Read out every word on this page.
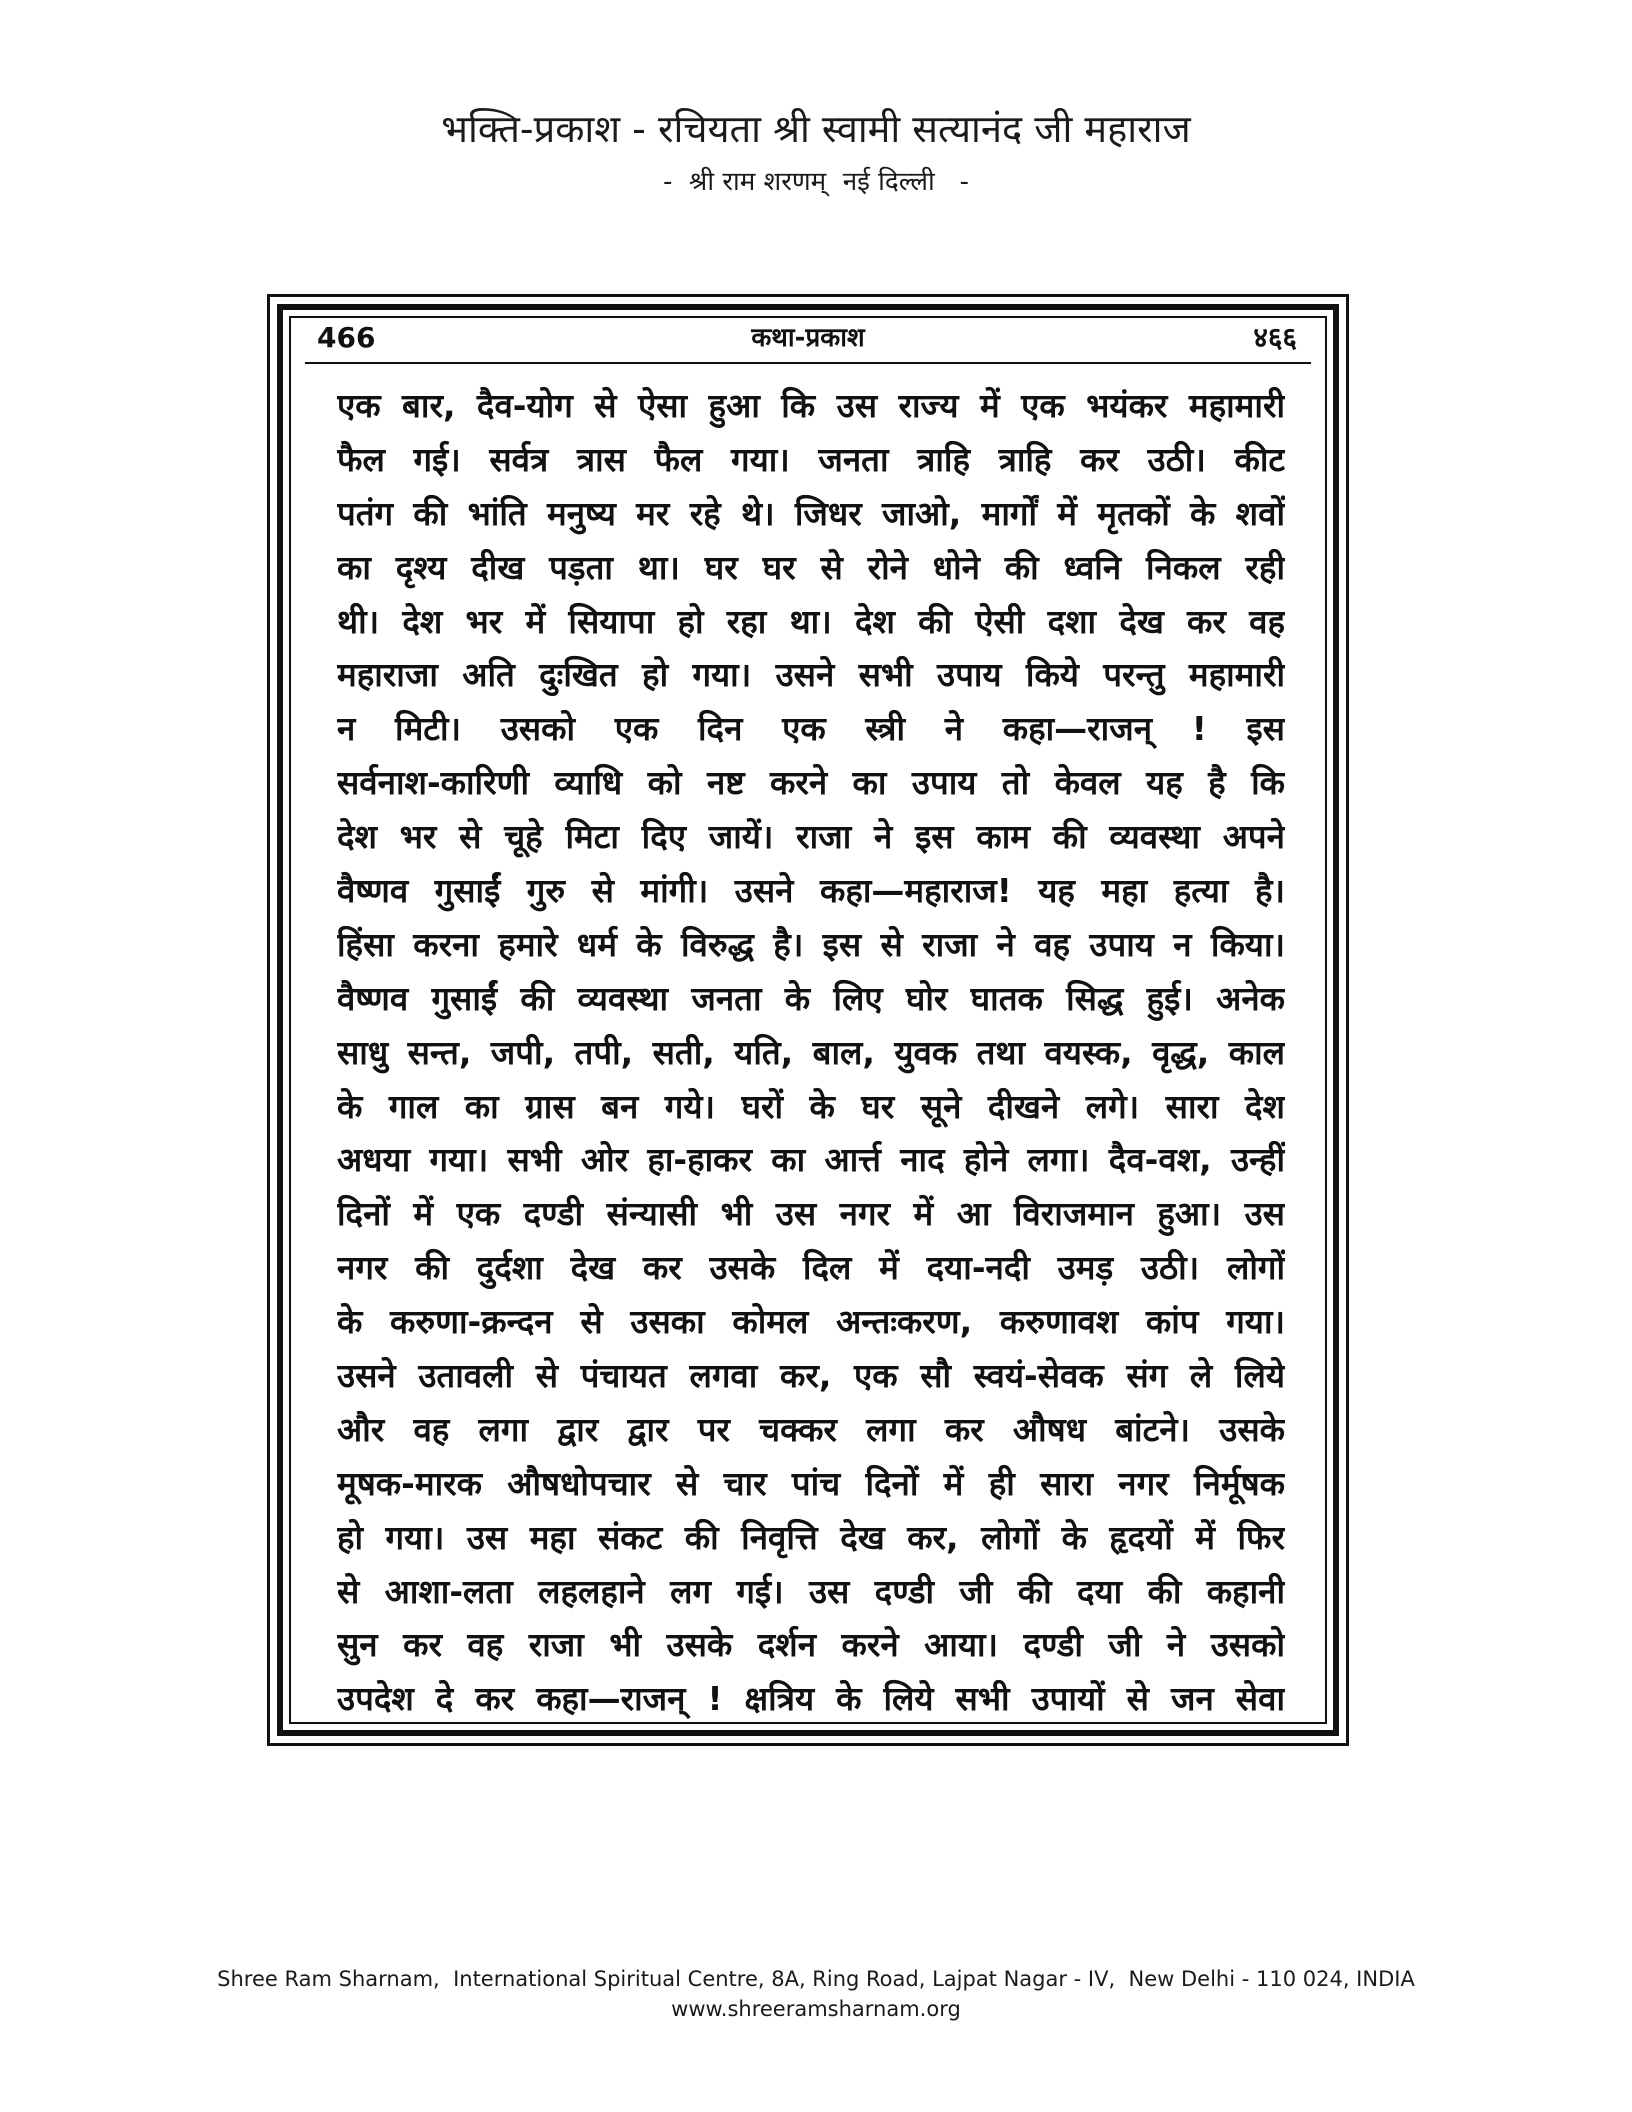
भक्ति-प्रकाश - रचियता श्री स्वामी सत्यानंद जी महाराज
-  श्री राम शरणम्  नई दिल्ली   -
466	कथा-प्रकाश	४६६
एक बार, दैव-योग से ऐसा हुआ कि उस राज्य में एक भयंकर महामारी
फैल गई। सर्वत्र त्रास फैल गया। जनता त्राहि त्राहि कर उठी। कीट
पतंग की भांति मनुष्य मर रहे थे। जिधर जाओ, मार्गों में मृतकों के शवों
का दृश्य दीख पड़ता था। घर घर से रोने धोने की ध्वनि निकल रही
थी। देश भर में सियापा हो रहा था। देश की ऐसी दशा देख कर वह
महाराजा अति दुःखित हो गया। उसने सभी उपाय किये परन्तु महामारी
न मिटी। उसको एक दिन एक स्त्री ने कहा—राजन् ! इस
सर्वनाश-कारिणी व्याधि को नष्ट करने का उपाय तो केवल यह है कि
देश भर से चूहे मिटा दिए जायें। राजा ने इस काम की व्यवस्था अपने
वैष्णव गुसाईं गुरु से मांगी। उसने कहा—महाराज! यह महा हत्या है।
हिंसा करना हमारे धर्म के विरुद्ध है। इस से राजा ने वह उपाय न किया।
वैष्णव गुसाईं की व्यवस्था जनता के लिए घोर घातक सिद्ध हुई। अनेक
साधु सन्त, जपी, तपी, सती, यति, बाल, युवक तथा वयस्क, वृद्ध, काल
के गाल का ग्रास बन गये। घरों के घर सूने दीखने लगे। सारा देश
अधया गया। सभी ओर हा-हाकर का आर्त्त नाद होने लगा। दैव-वश, उन्हीं
दिनों में एक दण्डी संन्यासी भी उस नगर में आ विराजमान हुआ। उस
नगर की दुर्दशा देख कर उसके दिल में दया-नदी उमड़ उठी। लोगों
के करुणा-क्रन्दन से उसका कोमल अन्तःकरण, करुणावश कांप गया।
उसने उतावली से पंचायत लगवा कर, एक सौ स्वयं-सेवक संग ले लिये
और वह लगा द्वार द्वार पर चक्कर लगा कर औषध बांटने। उसके
मूषक-मारक औषधोपचार से चार पांच दिनों में ही सारा नगर निर्मूषक
हो गया। उस महा संकट की निवृत्ति देख कर, लोगों के हृदयों में फिर
से आशा-लता लहलहाने लग गई। उस दण्डी जी की दया की कहानी
सुन कर वह राजा भी उसके दर्शन करने आया। दण्डी जी ने उसको
उपदेश दे कर कहा—राजन् ! क्षत्रिय के लिये सभी उपायों से जन सेवा
Shree Ram Sharnam,  International Spiritual Centre, 8A, Ring Road, Lajpat Nagar - IV,  New Delhi - 110 024, INDIA
www.shreeramsharnam.org
